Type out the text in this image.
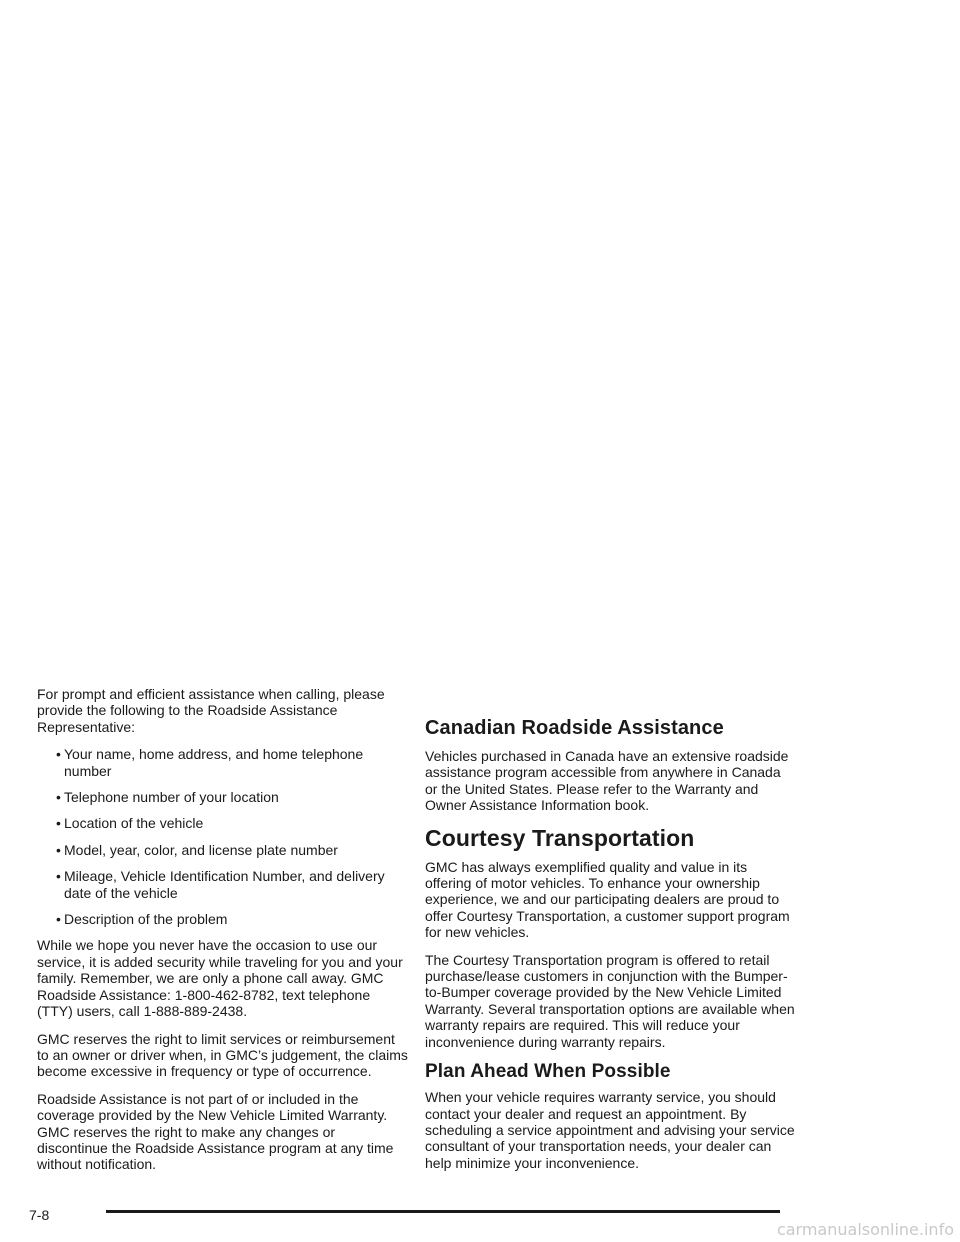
For prompt and efficient assistance when calling, please provide the following to the Roadside Assistance Representative:

• Your name, home address, and home telephone number
• Telephone number of your location
• Location of the vehicle
• Model, year, color, and license plate number
• Mileage, Vehicle Identification Number, and delivery date of the vehicle
• Description of the problem

While we hope you never have the occasion to use our service, it is added security while traveling for you and your family. Remember, we are only a phone call away. GMC Roadside Assistance: 1-800-462-8782, text telephone (TTY) users, call 1-888-889-2438.

GMC reserves the right to limit services or reimbursement to an owner or driver when, in GMC’s judgement, the claims become excessive in frequency or type of occurrence.

Roadside Assistance is not part of or included in the coverage provided by the New Vehicle Limited Warranty. GMC reserves the right to make any changes or discontinue the Roadside Assistance program at any time without notification.

Canadian Roadside Assistance

Vehicles purchased in Canada have an extensive roadside assistance program accessible from anywhere in Canada or the United States. Please refer to the Warranty and Owner Assistance Information book.

Courtesy Transportation

GMC has always exemplified quality and value in its offering of motor vehicles. To enhance your ownership experience, we and our participating dealers are proud to offer Courtesy Transportation, a customer support program for new vehicles.

The Courtesy Transportation program is offered to retail purchase/lease customers in conjunction with the Bumper-to-Bumper coverage provided by the New Vehicle Limited Warranty. Several transportation options are available when warranty repairs are required. This will reduce your inconvenience during warranty repairs.

Plan Ahead When Possible

When your vehicle requires warranty service, you should contact your dealer and request an appointment. By scheduling a service appointment and advising your service consultant of your transportation needs, your dealer can help minimize your inconvenience.

7-8
carmanualsonline.info
